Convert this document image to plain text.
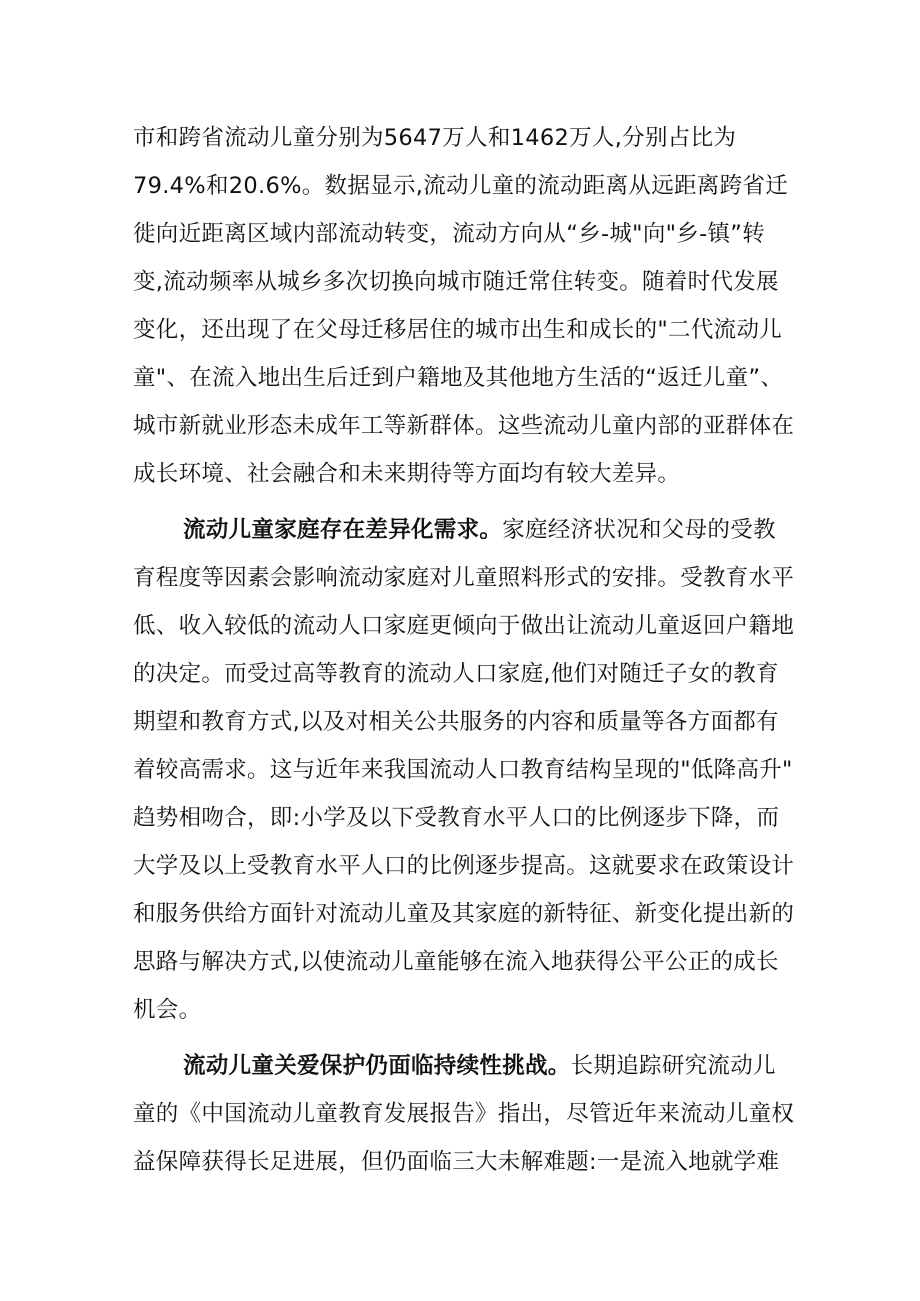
市和跨省流动儿童分别为5647万人和1462万人,分别占比为
79.4%和20.6%。数据显示,流动儿童的流动距离从远距离跨省迁
徙向近距离区域内部流动转变，流动方向从“乡-城"向"乡-镇”转
变,流动频率从城乡多次切换向城市随迁常住转变。随着时代发展
变化，还出现了在父母迁移居住的城市出生和成长的"二代流动儿
童"、在流入地出生后迁到户籍地及其他地方生活的“返迁儿童”、
城市新就业形态未成年工等新群体。这些流动儿童内部的亚群体在
成长环境、社会融合和未来期待等方面均有较大差异。
流动儿童家庭存在差异化需求。家庭经济状况和父母的受教
育程度等因素会影响流动家庭对儿童照料形式的安排。受教育水平
低、收入较低的流动人口家庭更倾向于做出让流动儿童返回户籍地
的决定。而受过高等教育的流动人口家庭,他们对随迁子女的教育
期望和教育方式,以及对相关公共服务的内容和质量等各方面都有
着较高需求。这与近年来我国流动人口教育结构呈现的"低降高升"
趋势相吻合，即:小学及以下受教育水平人口的比例逐步下降，而
大学及以上受教育水平人口的比例逐步提高。这就要求在政策设计
和服务供给方面针对流动儿童及其家庭的新特征、新变化提出新的
思路与解决方式,以使流动儿童能够在流入地获得公平公正的成长
机会。
流动儿童关爱保护仍面临持续性挑战。长期追踪研究流动儿
童的《中国流动儿童教育发展报告》指出，尽管近年来流动儿童权
益保障获得长足进展，但仍面临三大未解难题:一是流入地就学难
